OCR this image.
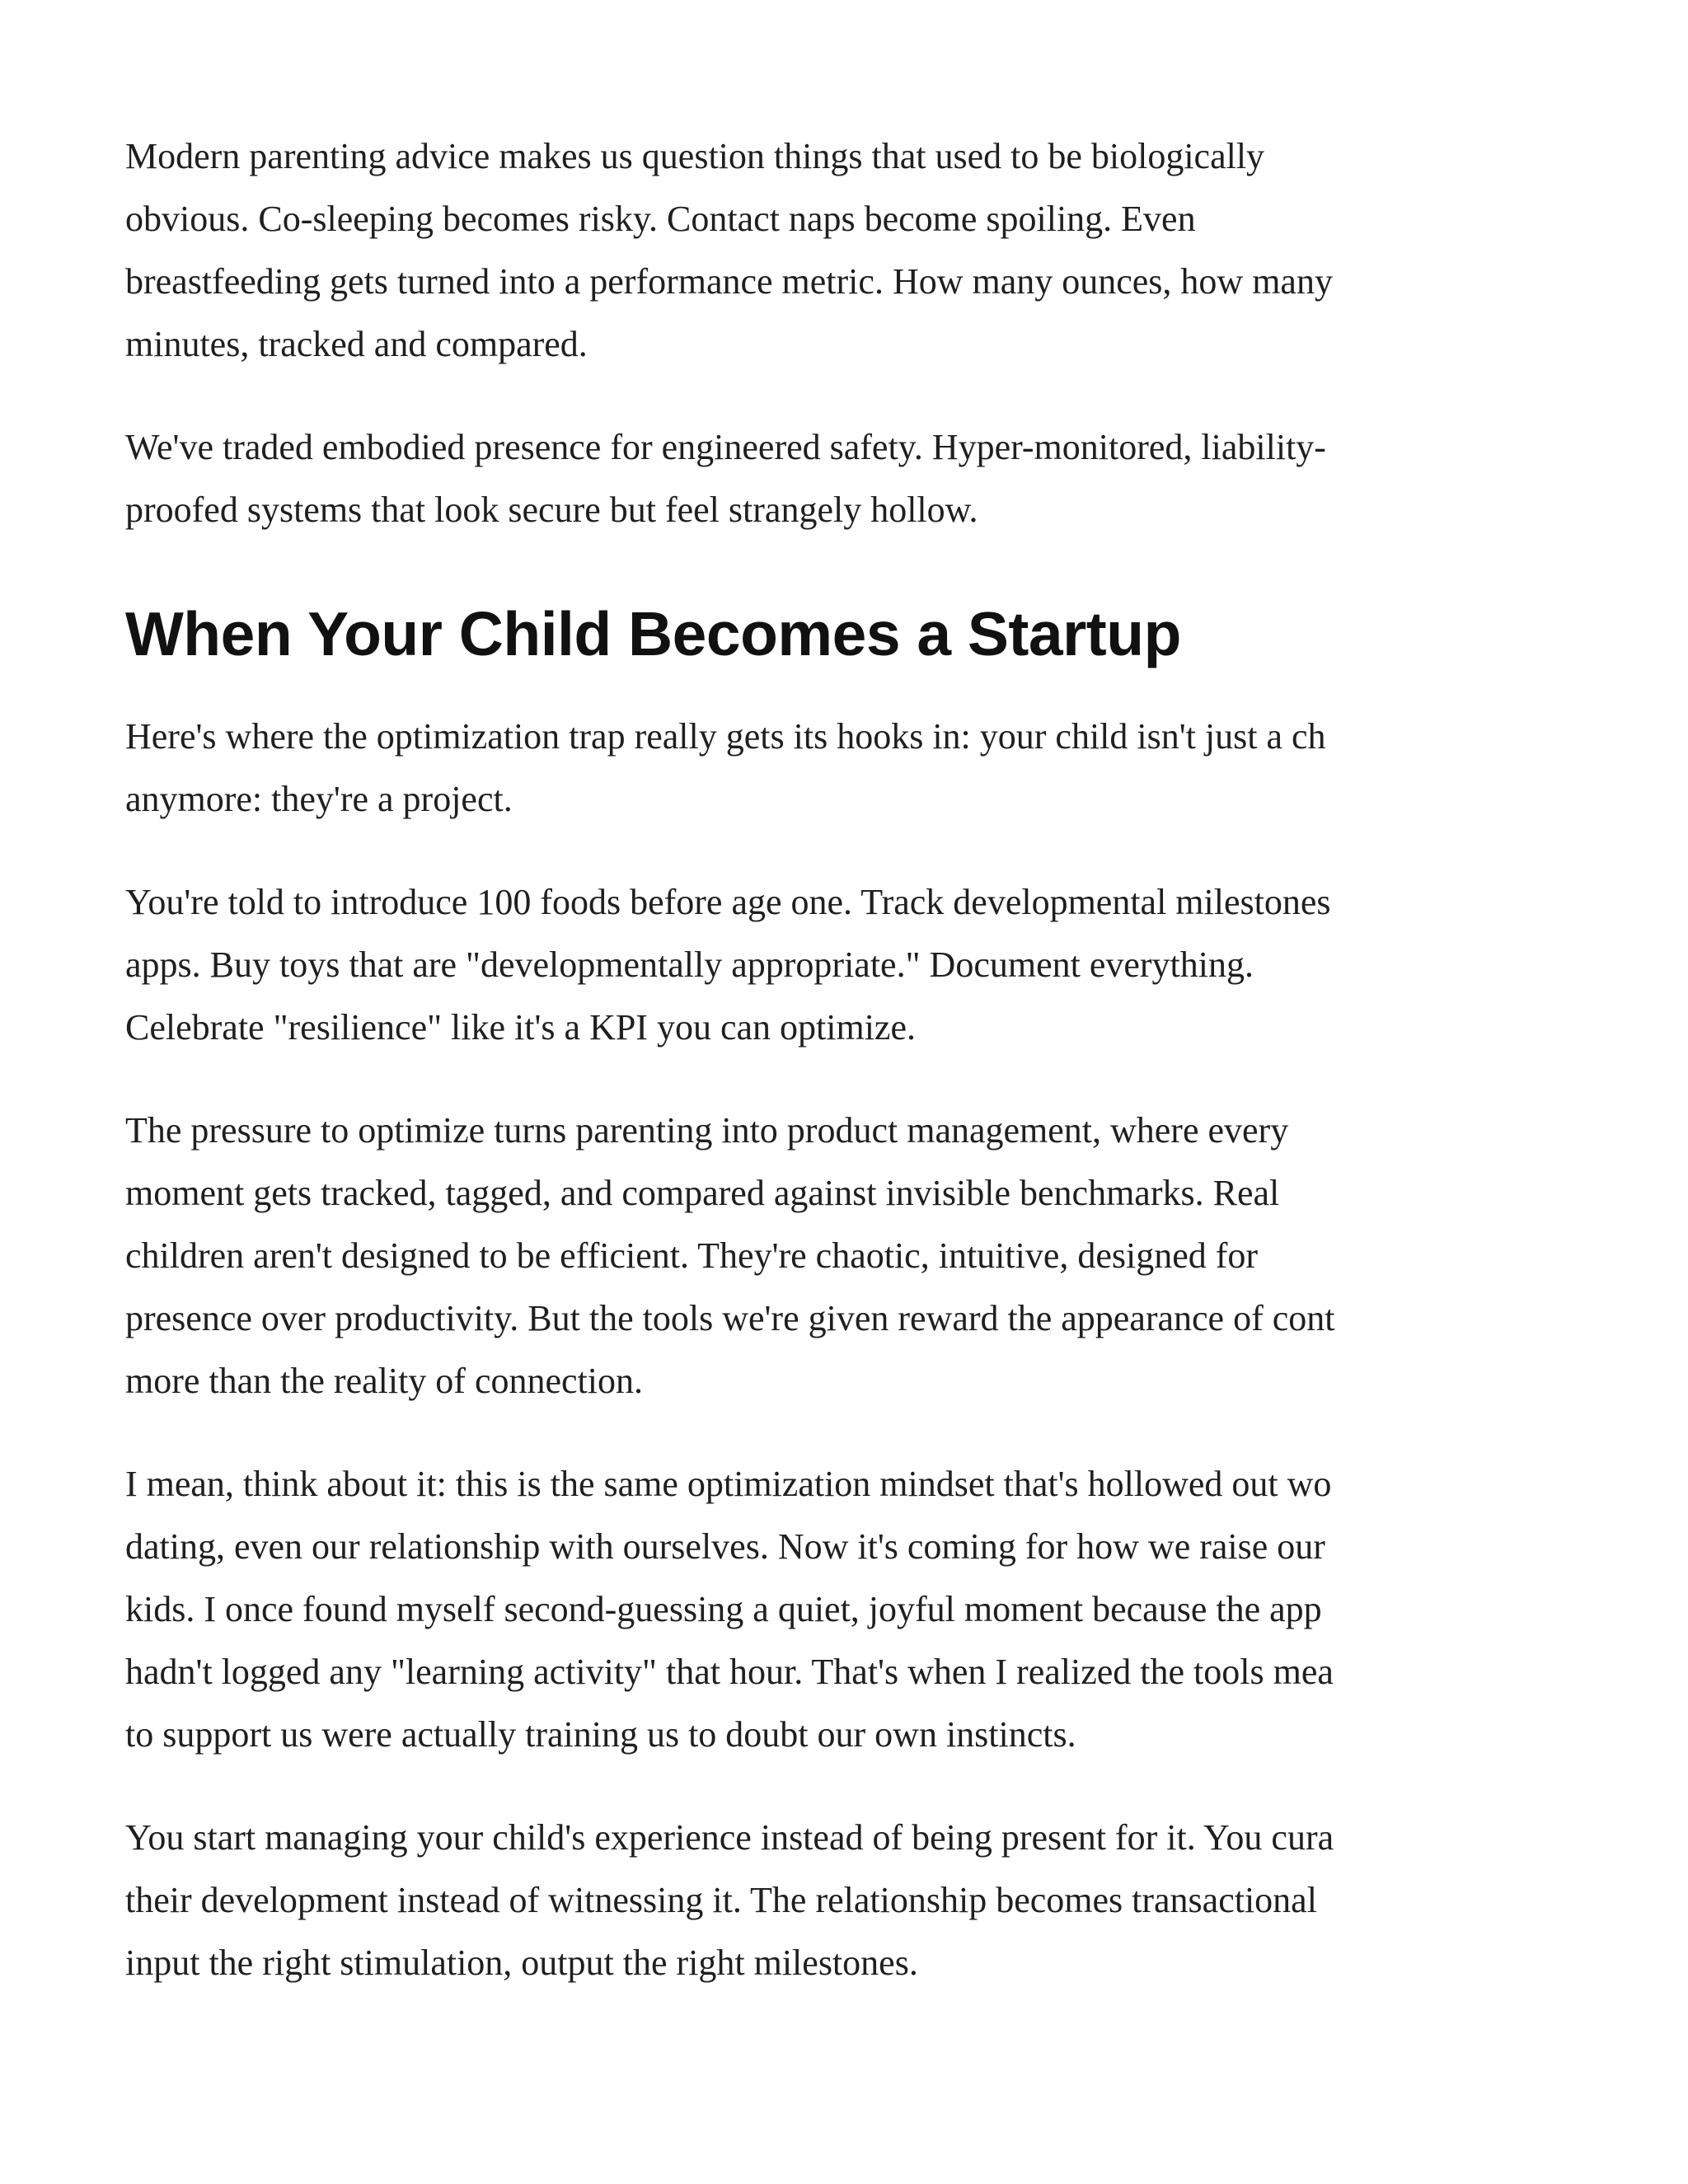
Modern parenting advice makes us question things that used to be biologically
obvious. Co-sleeping becomes risky. Contact naps become spoiling. Even
breastfeeding gets turned into a performance metric. How many ounces, how many
minutes, tracked and compared.

We've traded embodied presence for engineered safety. Hyper-monitored, liability-
proofed systems that look secure but feel strangely hollow.

When Your Child Becomes a Startup

Here's where the optimization trap really gets its hooks in: your child isn't just a ch
anymore: they're a project.

You're told to introduce 100 foods before age one. Track developmental milestones
apps. Buy toys that are "developmentally appropriate." Document everything.
Celebrate "resilience" like it's a KPI you can optimize.

The pressure to optimize turns parenting into product management, where every
moment gets tracked, tagged, and compared against invisible benchmarks. Real
children aren't designed to be efficient. They're chaotic, intuitive, designed for
presence over productivity. But the tools we're given reward the appearance of cont
more than the reality of connection.

I mean, think about it: this is the same optimization mindset that's hollowed out wo
dating, even our relationship with ourselves. Now it's coming for how we raise our
kids. I once found myself second-guessing a quiet, joyful moment because the app
hadn't logged any "learning activity" that hour. That's when I realized the tools mea
to support us were actually training us to doubt our own instincts.

You start managing your child's experience instead of being present for it. You cura
their development instead of witnessing it. The relationship becomes transactional
input the right stimulation, output the right milestones.
